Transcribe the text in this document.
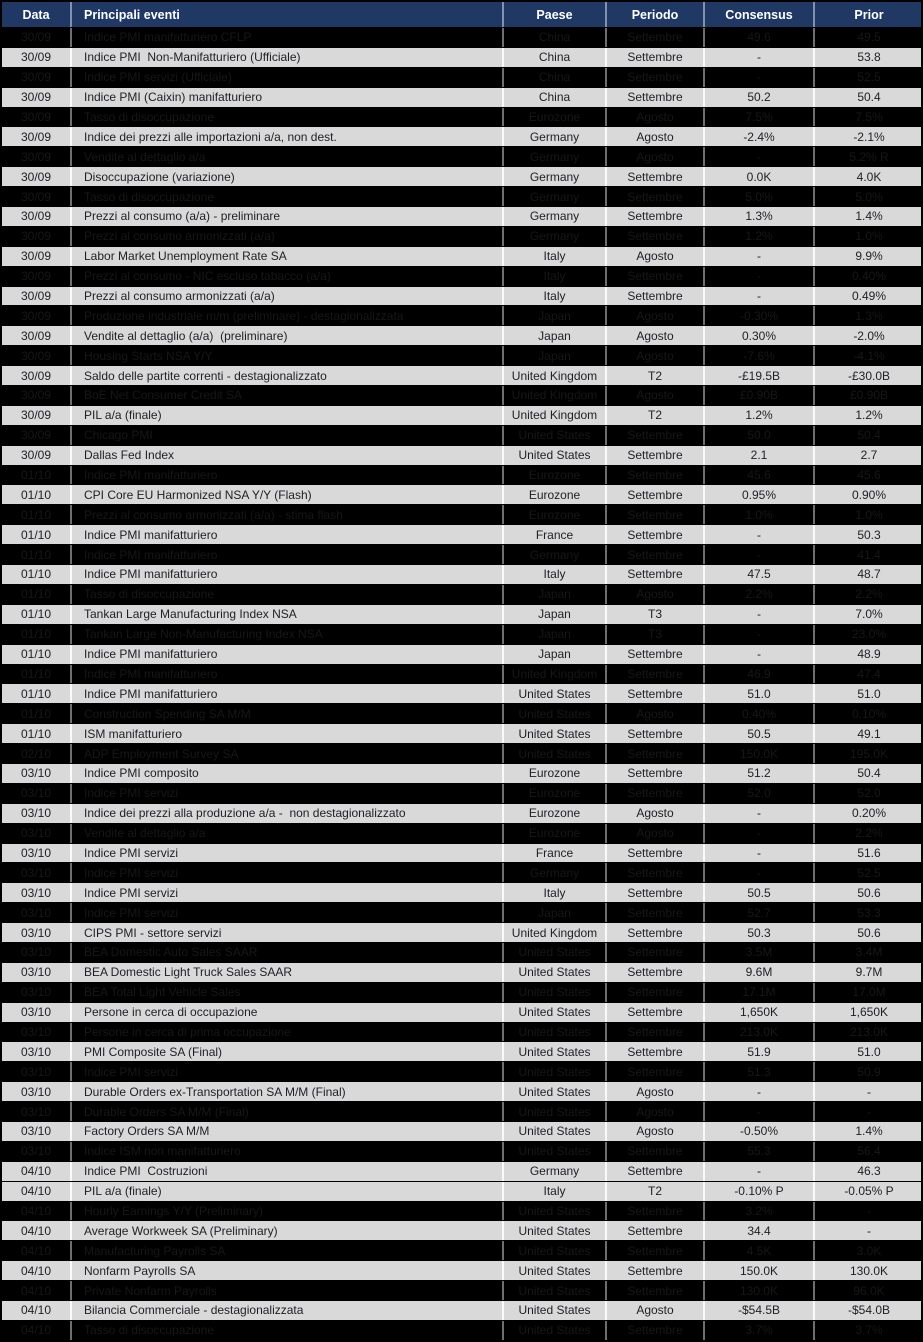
Data	Principali eventi	Paese	Periodo	Consensus	Prior
30/09	Indice PMI manifatturiero CFLP	China	Settembre	49.6	49.5
30/09	Indice PMI  Non-Manifatturiero (Ufficiale)	China	Settembre	-	53.8
30/09	Indice PMI servizi (Ufficiale)	China	Settembre	-	52.5
30/09	Indice PMI (Caixin) manifatturiero	China	Settembre	50.2	50.4
30/09	Tasso di disoccupazione	Eurozone	Agosto	7.5%	7.5%
30/09	Indice dei prezzi alle importazioni a/a, non dest.	Germany	Agosto	-2.4%	-2.1%
30/09	Vendite al dettaglio a/a	Germany	Agosto	-	5.2% R
30/09	Disoccupazione (variazione)	Germany	Settembre	0.0K	4.0K
30/09	Tasso di disoccupazione	Germany	Settembre	5.0%	5.0%
30/09	Prezzi al consumo (a/a) - preliminare	Germany	Settembre	1.3%	1.4%
30/09	Prezzi al consumo armonizzati (a/a)	Germany	Settembre	1.2%	1.0%
30/09	Labor Market Unemployment Rate SA	Italy	Agosto	-	9.9%
30/09	Prezzi al consumo - NIC escluso tabacco (a/a)	Italy	Settembre	-	0.40%
30/09	Prezzi al consumo armonizzati (a/a)	Italy	Settembre	-	0.49%
30/09	Produzione industriale m/m (preliminare) - destagionalizzata	Japan	Agosto	-0.30%	1.3%
30/09	Vendite al dettaglio (a/a)  (preliminare)	Japan	Agosto	0.30%	-2.0%
30/09	Housing Starts NSA Y/Y	Japan	Agosto	-7.6%	-4.1%
30/09	Saldo delle partite correnti - destagionalizzato	United Kingdom	T2	-£19.5B	-£30.0B
30/09	BoE Net Consumer Credit SA	United Kingdom	Agosto	£0.90B	£0.90B
30/09	PIL a/a (finale)	United Kingdom	T2	1.2%	1.2%
30/09	Chicago PMI	United States	Settembre	50.0	50.4
30/09	Dallas Fed Index	United States	Settembre	2.1	2.7
01/10	Indice PMI manifatturiero	Eurozone	Settembre	45.6	45.6
01/10	CPI Core EU Harmonized NSA Y/Y (Flash)	Eurozone	Settembre	0.95%	0.90%
01/10	Prezzi al consumo armonizzati (a/a) - stima flash	Eurozone	Settembre	1.0%	1.0%
01/10	Indice PMI manifatturiero	France	Settembre	-	50.3
01/10	Indice PMI manifatturiero	Germany	Settembre	-	41.4
01/10	Indice PMI manifatturiero	Italy	Settembre	47.5	48.7
01/10	Tasso di disoccupazione	Japan	Agosto	2.2%	2.2%
01/10	Tankan Large Manufacturing Index NSA	Japan	T3	-	7.0%
01/10	Tankan Large Non-Manufacturing Index NSA	Japan	T3	-	23.0%
01/10	Indice PMI manifatturiero	Japan	Settembre	-	48.9
01/10	Indice PMI manifatturiero	United Kingdom	Settembre	46.9	47.4
01/10	Indice PMI manifatturiero	United States	Settembre	51.0	51.0
01/10	Construction Spending SA M/M	United States	Agosto	0.40%	0.10%
01/10	ISM manifatturiero	United States	Settembre	50.5	49.1
02/10	ADP Employment Survey SA	United States	Settembre	150.0K	195.0K
03/10	Indice PMI composito	Eurozone	Settembre	51.2	50.4
03/10	Indice PMI servizi	Eurozone	Settembre	52.0	52.0
03/10	Indice dei prezzi alla produzione a/a -  non destagionalizzato	Eurozone	Agosto	-	0.20%
03/10	Vendite al dettaglio a/a	Eurozone	Agosto	-	2.2%
03/10	Indice PMI servizi	France	Settembre	-	51.6
03/10	Indice PMI servizi	Germany	Settembre	-	52.5
03/10	Indice PMI servizi	Italy	Settembre	50.5	50.6
03/10	Indice PMI servizi	Japan	Settembre	52.7	53.3
03/10	CIPS PMI - settore servizi	United Kingdom	Settembre	50.3	50.6
03/10	BEA Domestic Auto Sales SAAR	United States	Settembre	3.5M	3.4M
03/10	BEA Domestic Light Truck Sales SAAR	United States	Settembre	9.6M	9.7M
03/10	BEA Total Light Vehicle Sales	United States	Settembre	17.1M	17.0M
03/10	Persone in cerca di occupazione	United States	Settembre	1,650K	1,650K
03/10	Persone in cerca di prima occupazione	United States	Settembre	213.0K	213.0K
03/10	PMI Composite SA (Final)	United States	Settembre	51.9	51.0
03/10	Indice PMI servizi	United States	Settembre	51.3	50.9
03/10	Durable Orders ex-Transportation SA M/M (Final)	United States	Agosto	-	-
03/10	Durable Orders SA M/M (Final)	United States	Agosto	-	-
03/10	Factory Orders SA M/M	United States	Agosto	-0.50%	1.4%
03/10	Indice ISM non manifatturiero	United States	Settembre	55.3	56.4
04/10	Indice PMI  Costruzioni	Germany	Settembre	-	46.3
04/10	PIL a/a (finale)	Italy	T2	-0.10% P	-0.05% P
04/10	Hourly Earnings Y/Y (Preliminary)	United States	Settembre	3.2%	-
04/10	Average Workweek SA (Preliminary)	United States	Settembre	34.4	-
04/10	Manufacturing Payrolls SA	United States	Settembre	4.5K	3.0K
04/10	Nonfarm Payrolls SA	United States	Settembre	150.0K	130.0K
04/10	Private Nonfarm Payrolls	United States	Settembre	130.0K	96.0K
04/10	Bilancia Commerciale - destagionalizzata	United States	Agosto	-$54.5B	-$54.0B
04/10	Tasso di disoccupazione	United States	Settembre	3.7%	3.7%
